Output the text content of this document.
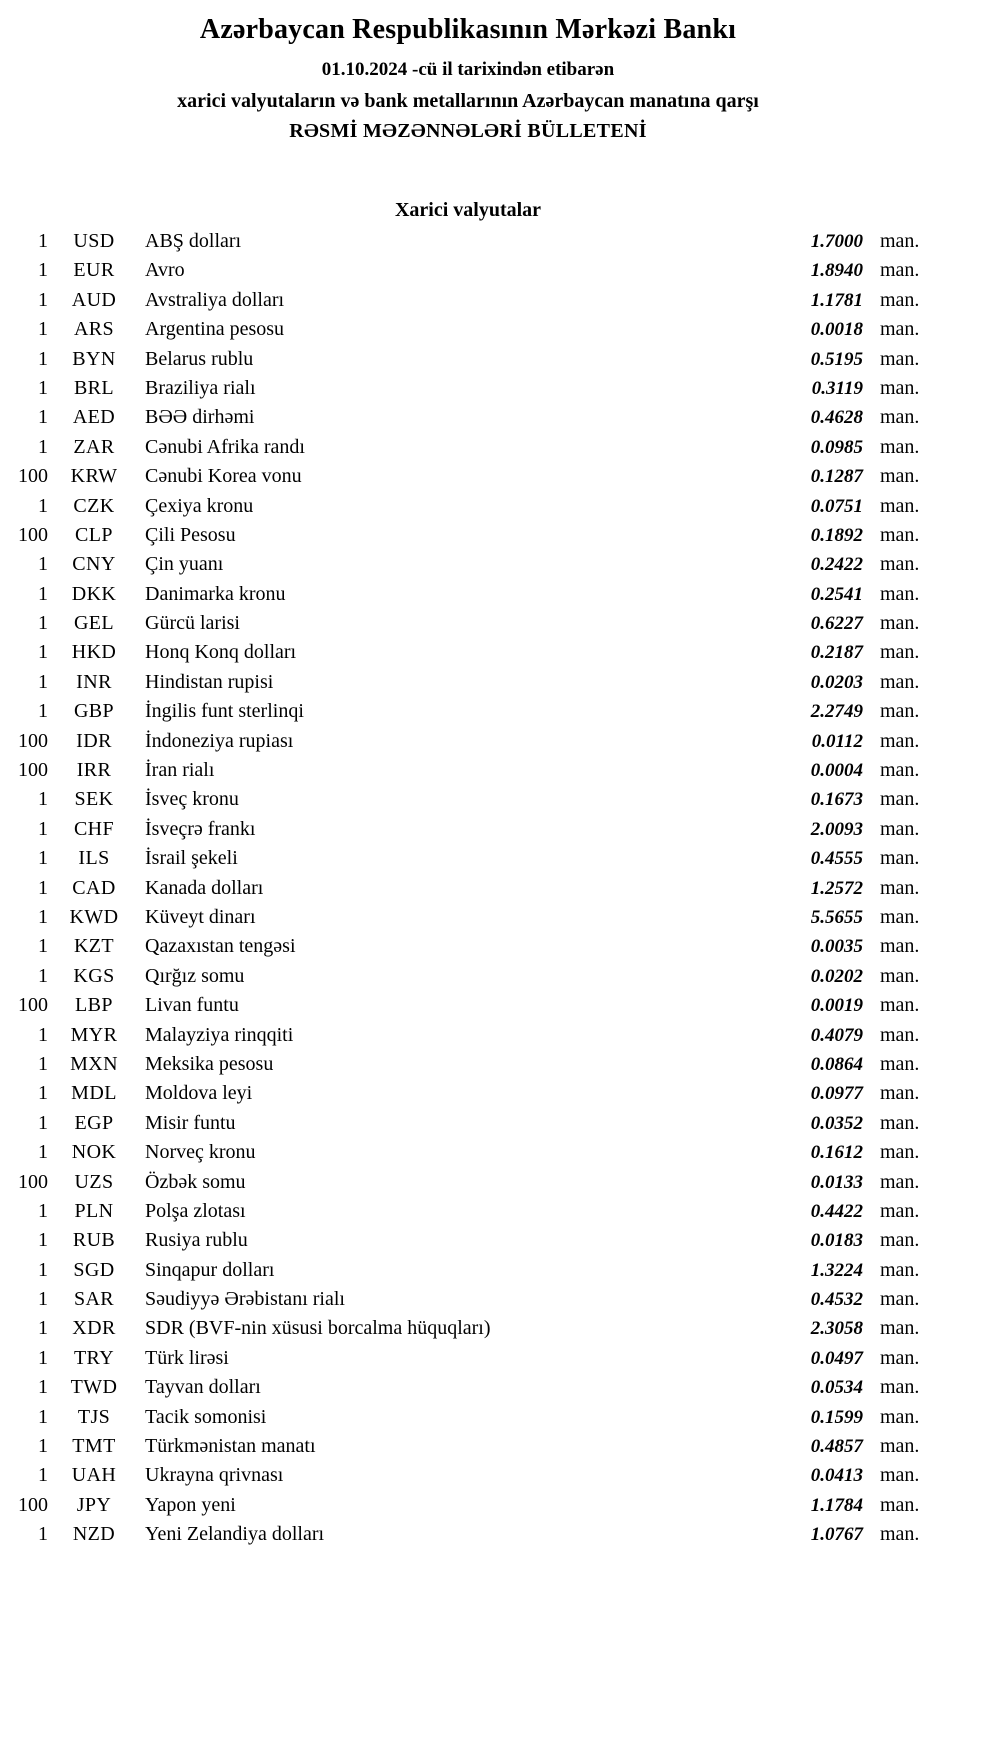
Azərbaycan Respublikasının Mərkəzi Bankı
01.10.2024 -cü il tarixindən etibarən
xarici valyutaların və bank metallarının Azərbaycan manatına qarşı
RƏSMİ MƏZƏNNƏLƏRİ BÜLLETENİ
Xarici valyutalar
1	USD	ABŞ dolları	1.7000 man.
1	EUR	Avro	1.8940 man.
1	AUD	Avstraliya dolları	1.1781 man.
1	ARS	Argentina pesosu	0.0018 man.
1	BYN	Belarus rublu	0.5195 man.
1	BRL	Braziliya rialı	0.3119 man.
1	AED	BƏƏ dirhəmi	0.4628 man.
1	ZAR	Cənubi Afrika randı	0.0985 man.
100	KRW	Cənubi Korea vonu	0.1287 man.
1	CZK	Çexiya kronu	0.0751 man.
100	CLP	Çili Pesosu	0.1892 man.
1	CNY	Çin yuanı	0.2422 man.
1	DKK	Danimarka kronu	0.2541 man.
1	GEL	Gürcü larisi	0.6227 man.
1	HKD	Honq Konq dolları	0.2187 man.
1	INR	Hindistan rupisi	0.0203 man.
1	GBP	İngilis funt sterlinqi	2.2749 man.
100	IDR	İndoneziya rupiası	0.0112 man.
100	IRR	İran rialı	0.0004 man.
1	SEK	İsveç kronu	0.1673 man.
1	CHF	İsveçrə frankı	2.0093 man.
1	ILS	İsrail şekeli	0.4555 man.
1	CAD	Kanada dolları	1.2572 man.
1	KWD	Küveyt dinarı	5.5655 man.
1	KZT	Qazaxıstan tengəsi	0.0035 man.
1	KGS	Qırğız somu	0.0202 man.
100	LBP	Livan funtu	0.0019 man.
1	MYR	Malayziya rinqqiti	0.4079 man.
1	MXN	Meksika pesosu	0.0864 man.
1	MDL	Moldova leyi	0.0977 man.
1	EGP	Misir funtu	0.0352 man.
1	NOK	Norveç kronu	0.1612 man.
100	UZS	Özbək somu	0.0133 man.
1	PLN	Polşa zlotası	0.4422 man.
1	RUB	Rusiya rublu	0.0183 man.
1	SGD	Sinqapur dolları	1.3224 man.
1	SAR	Səudiyyə Ərəbistanı rialı	0.4532 man.
1	XDR	SDR (BVF-nin xüsusi borcalma hüquqları)	2.3058 man.
1	TRY	Türk lirəsi	0.0497 man.
1	TWD	Tayvan dolları	0.0534 man.
1	TJS	Tacik somonisi	0.1599 man.
1	TMT	Türkmənistan manatı	0.4857 man.
1	UAH	Ukrayna qrivnası	0.0413 man.
100	JPY	Yapon yeni	1.1784 man.
1	NZD	Yeni Zelandiya dolları	1.0767 man.
